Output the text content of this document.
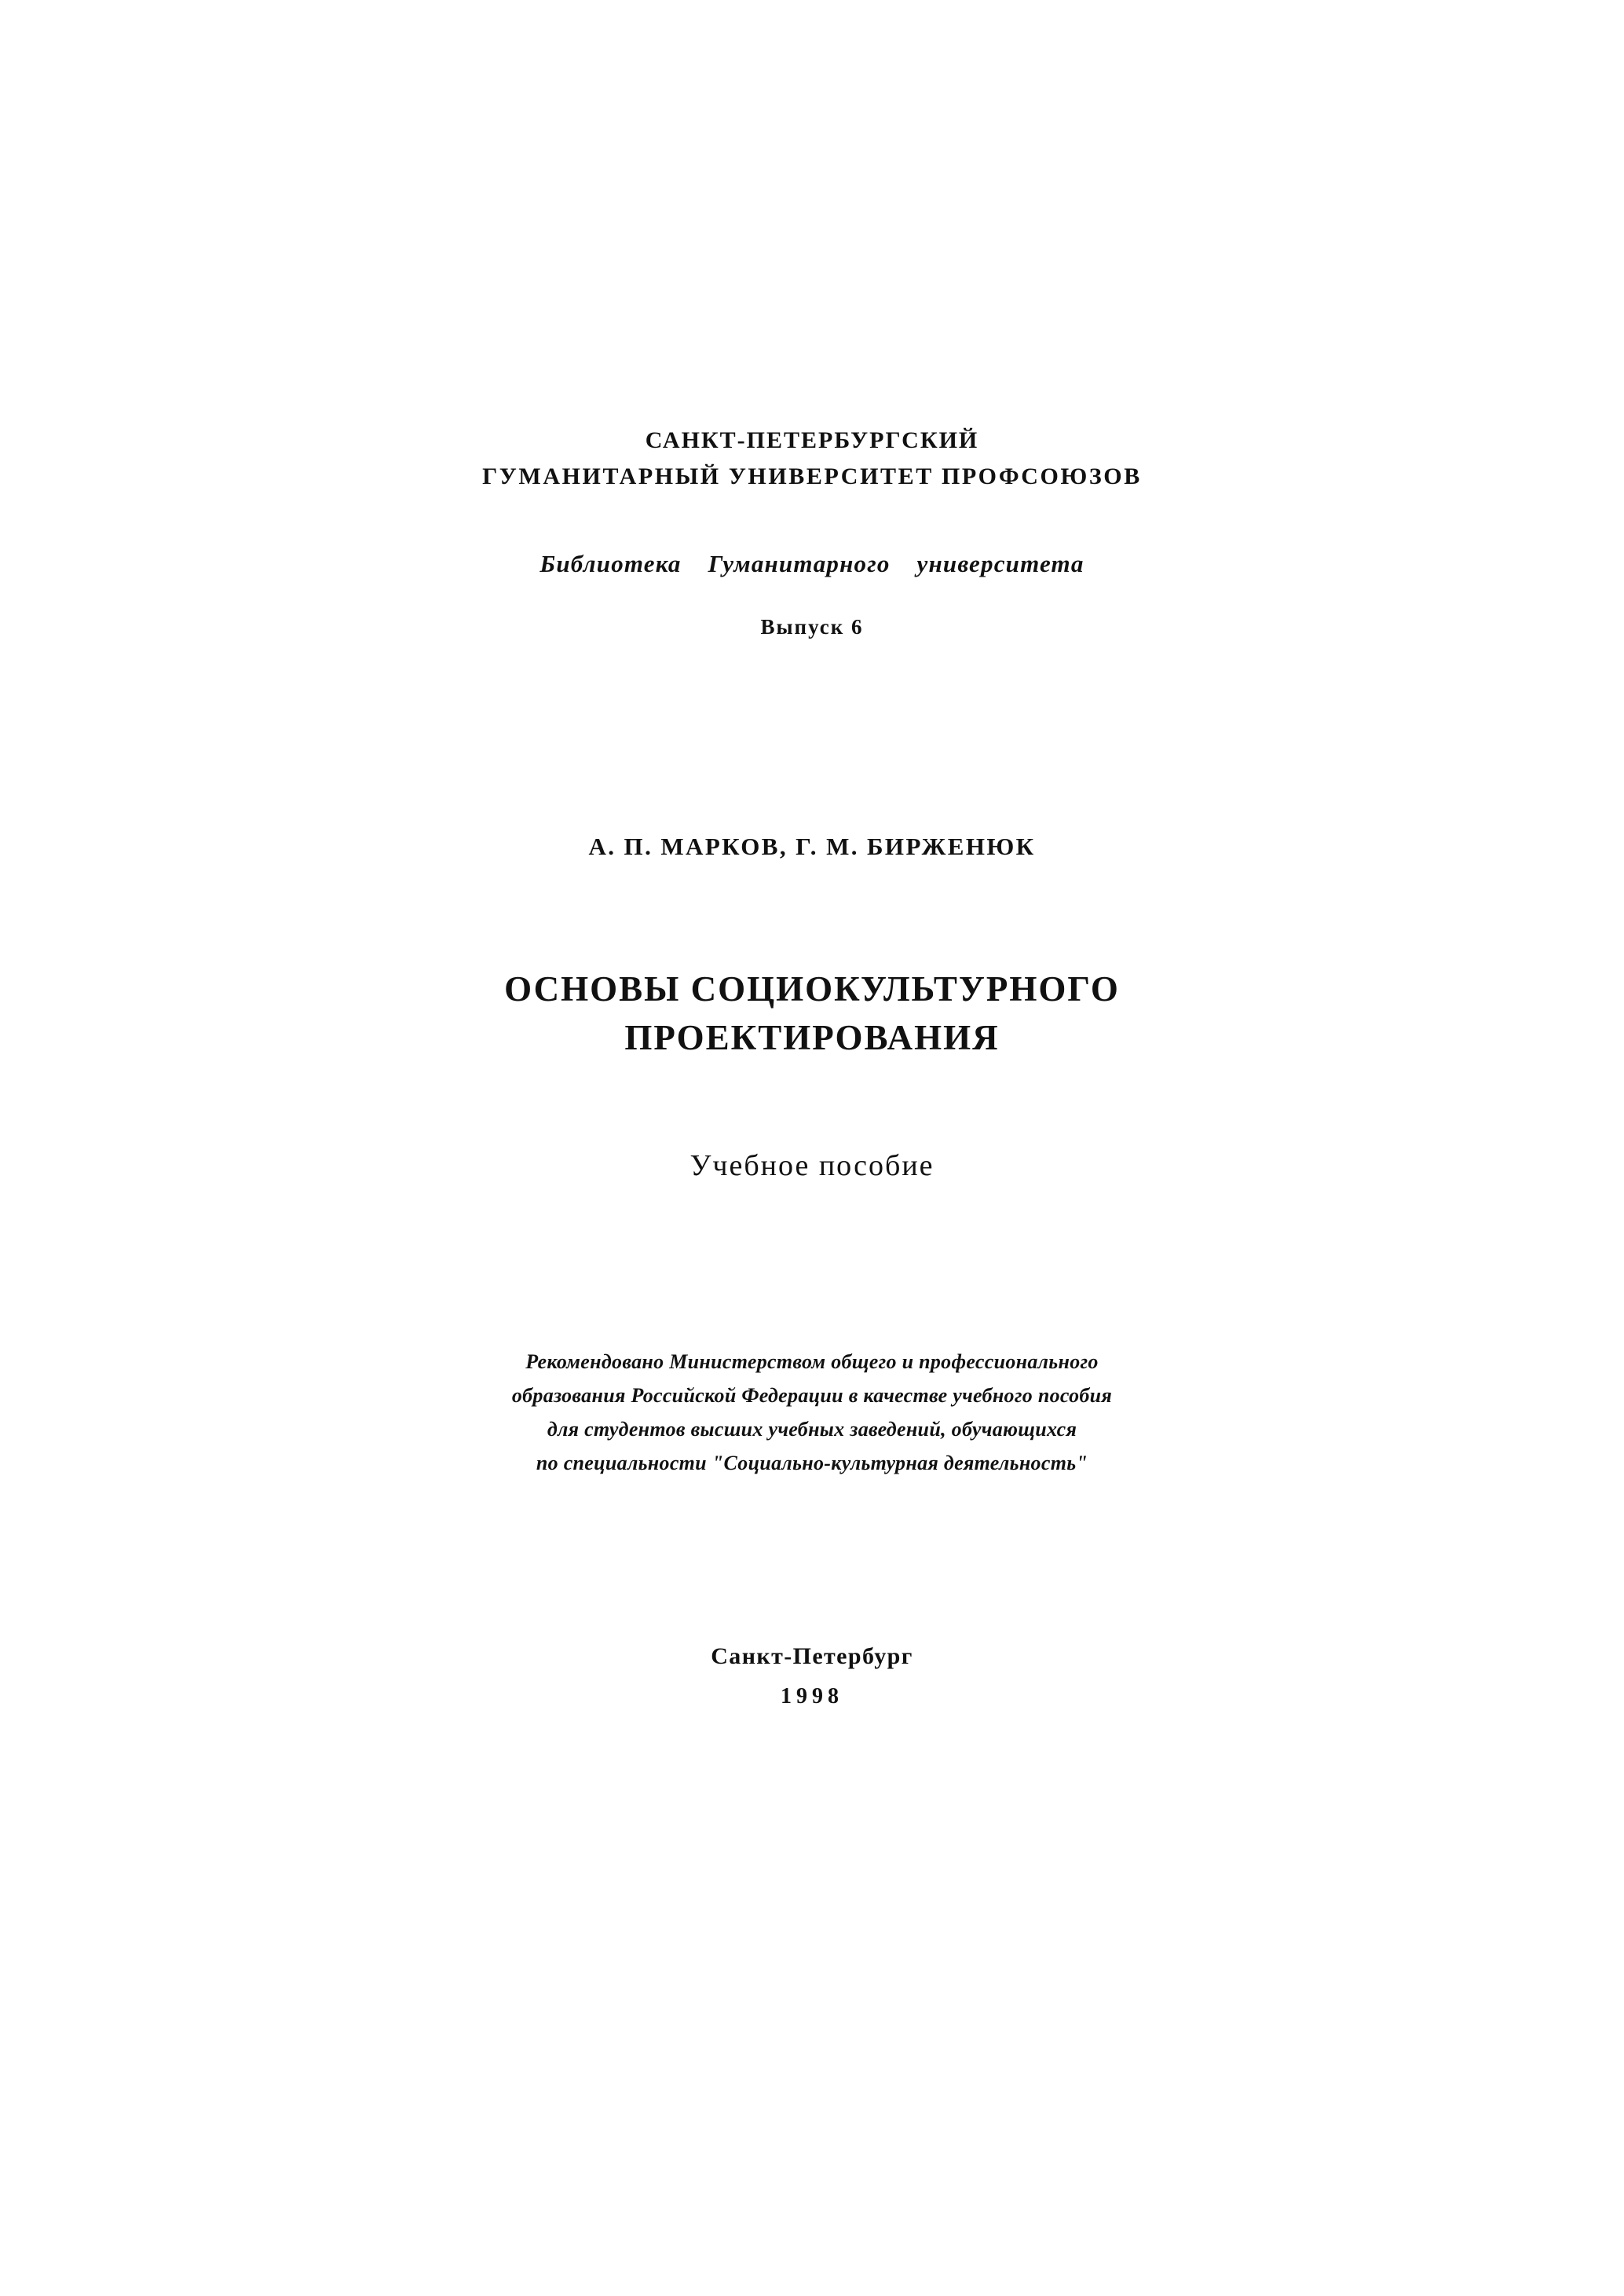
САНКТ-ПЕТЕРБУРГСКИЙ
ГУМАНИТАРНЫЙ УНИВЕРСИТЕТ ПРОФСОЮЗОВ
Библиотека Гуманитарного университета
Выпуск 6
А. П. МАРКОВ, Г. М. БИРЖЕНЮК
ОСНОВЫ СОЦИОКУЛЬТУРНОГО
ПРОЕКТИРОВАНИЯ
Учебное пособие
Рекомендовано Министерством общего и профессионального
образования Российской Федерации в качестве учебного пособия
для студентов высших учебных заведений, обучающихся
по специальности "Социально-культурная деятельность"
Санкт-Петербург
1998
